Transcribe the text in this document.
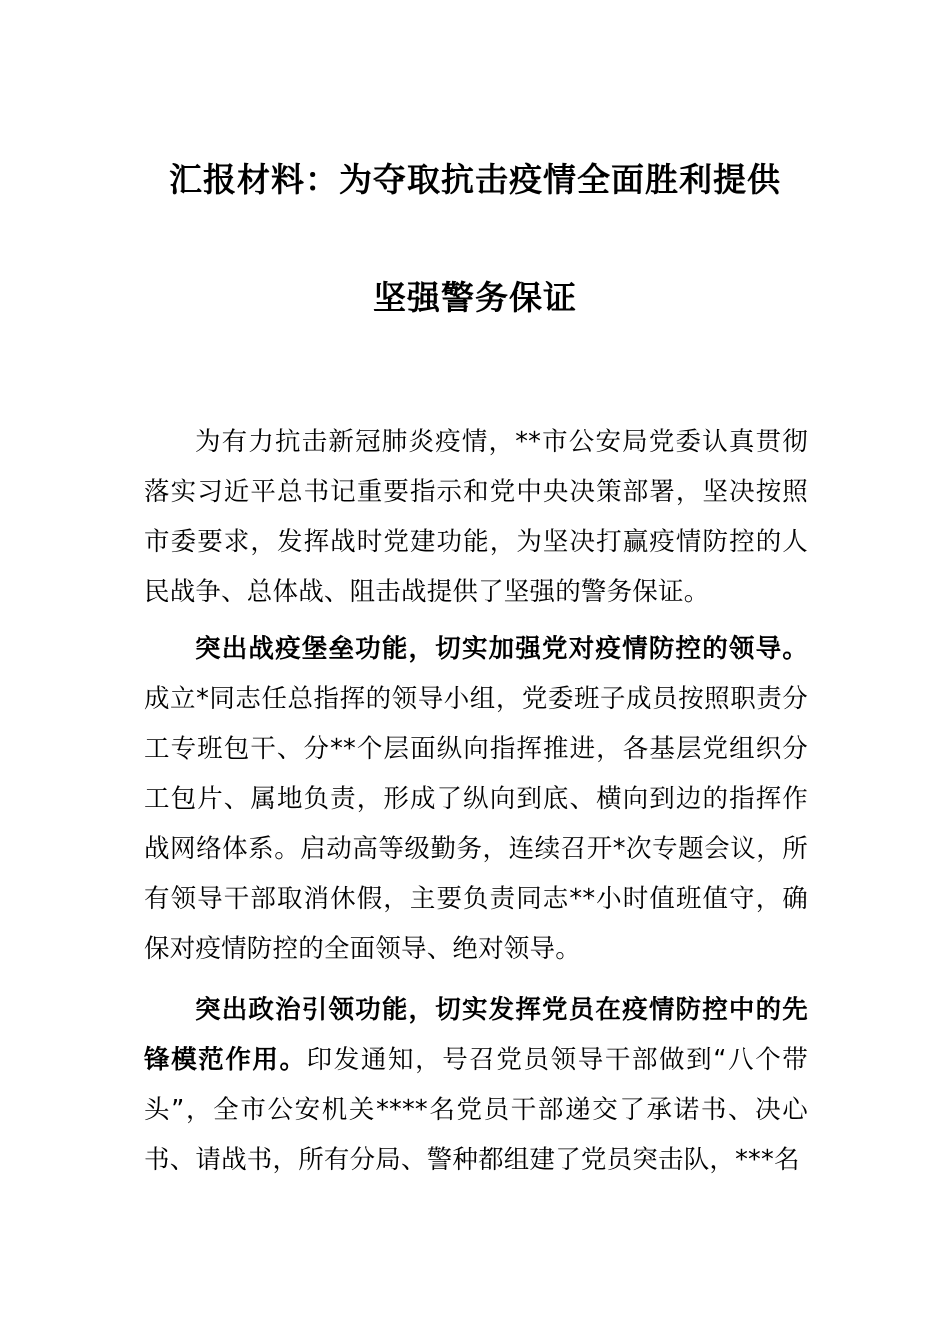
汇报材料：为夺取抗击疫情全面胜利提供
坚强警务保证

为有力抗击新冠肺炎疫情，**市公安局党委认真贯彻落实习近平总书记重要指示和党中央决策部署，坚决按照市委要求，发挥战时党建功能，为坚决打赢疫情防控的人民战争、总体战、阻击战提供了坚强的警务保证。

突出战疫堡垒功能，切实加强党对疫情防控的领导。成立*同志任总指挥的领导小组，党委班子成员按照职责分工专班包干、分**个层面纵向指挥推进，各基层党组织分工包片、属地负责，形成了纵向到底、横向到边的指挥作战网络体系。启动高等级勤务，连续召开*次专题会议，所有领导干部取消休假，主要负责同志**小时值班值守，确保对疫情防控的全面领导、绝对领导。

突出政治引领功能，切实发挥党员在疫情防控中的先锋模范作用。印发通知，号召党员领导干部做到“八个带头”，全市公安机关****名党员干部递交了承诺书、决心书、请战书，所有分局、警种都组建了党员突击队，***名
